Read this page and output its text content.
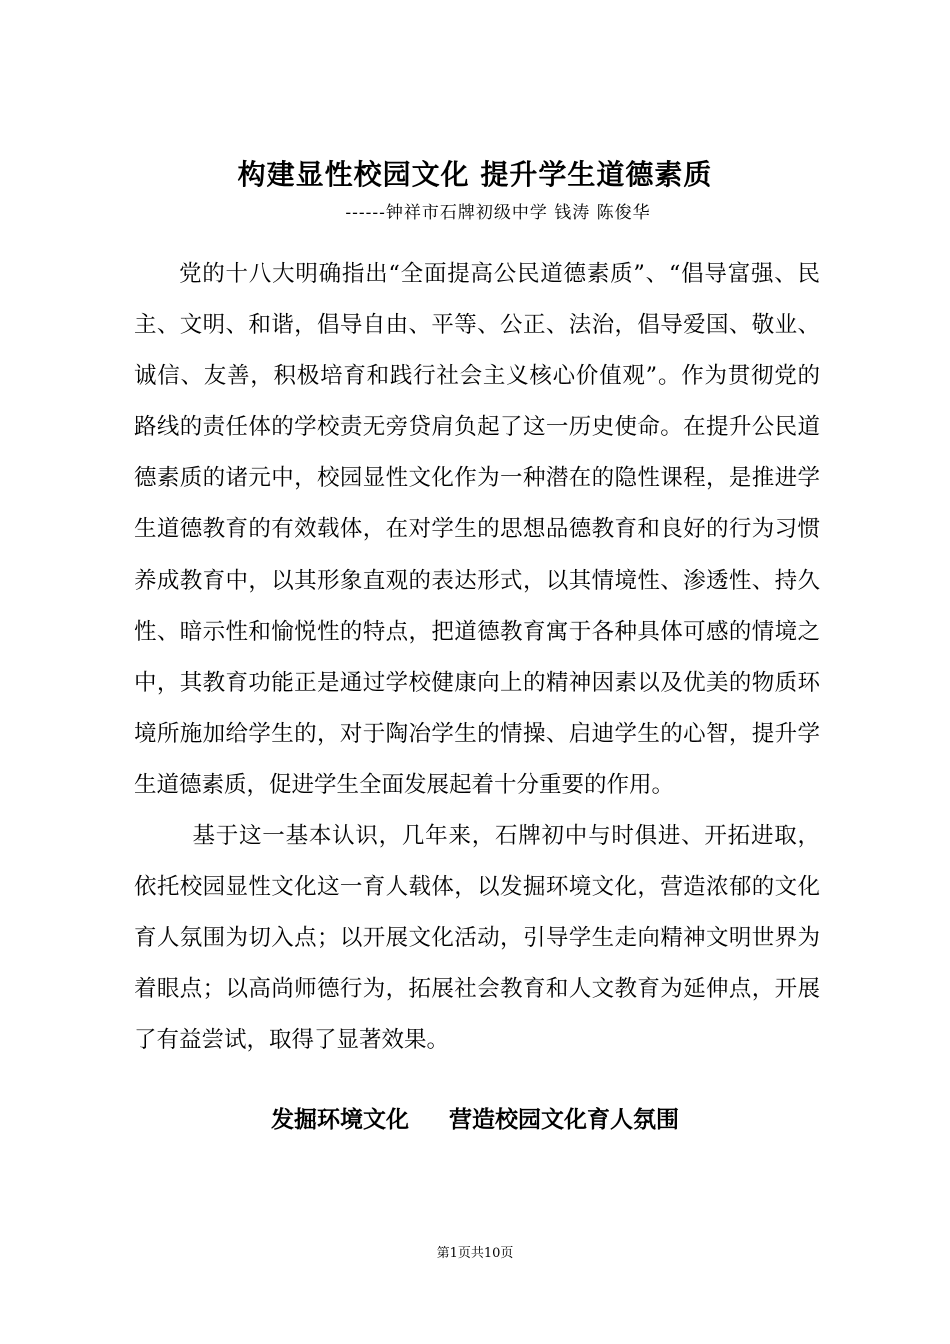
构建显性校园文化 提升学生道德素质
------钟祥市石牌初级中学 钱涛 陈俊华

党的十八大明确指出“全面提高公民道德素质”、“倡导富强、民主、文明、和谐，倡导自由、平等、公正、法治，倡导爱国、敬业、诚信、友善，积极培育和践行社会主义核心价值观”。作为贯彻党的路线的责任体的学校责无旁贷肩负起了这一历史使命。在提升公民道德素质的诸元中，校园显性文化作为一种潜在的隐性课程，是推进学生道德教育的有效载体，在对学生的思想品德教育和良好的行为习惯养成教育中，以其形象直观的表达形式，以其情境性、渗透性、持久性、暗示性和愉悦性的特点，把道德教育寓于各种具体可感的情境之中，其教育功能正是通过学校健康向上的精神因素以及优美的物质环境所施加给学生的，对于陶冶学生的情操、启迪学生的心智，提升学生道德素质，促进学生全面发展起着十分重要的作用。

基于这一基本认识，几年来，石牌初中与时俱进、开拓进取，依托校园显性文化这一育人载体，以发掘环境文化，营造浓郁的文化育人氛围为切入点；以开展文化活动，引导学生走向精神文明世界为着眼点；以高尚师德行为，拓展社会教育和人文教育为延伸点，开展了有益尝试，取得了显著效果。

发掘环境文化     营造校园文化育人氛围
第1页共10页
